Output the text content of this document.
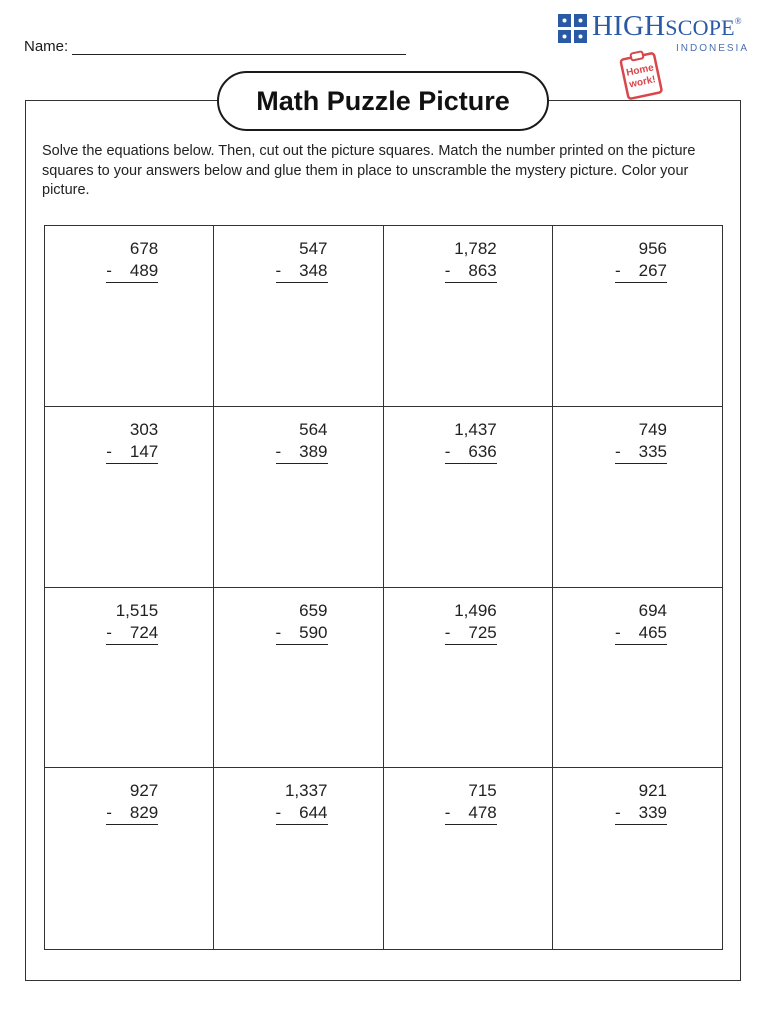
Name:
HIGHSCOPE®
INDONESIA
Home
work!
Math Puzzle Picture
Solve the equations below. Then, cut out the picture squares. Match the number printed on the picture squares to your answers below and glue them in place to unscramble the mystery picture. Color your picture.
678
-	489
547
-	348
1,782
-	863
956
-	267
303
-	147
564
-	389
1,437
-	636
749
-	335
1,515
-	724
659
-	590
1,496
-	725
694
-	465
927
-	829
1,337
-	644
715
-	478
921
-	339
